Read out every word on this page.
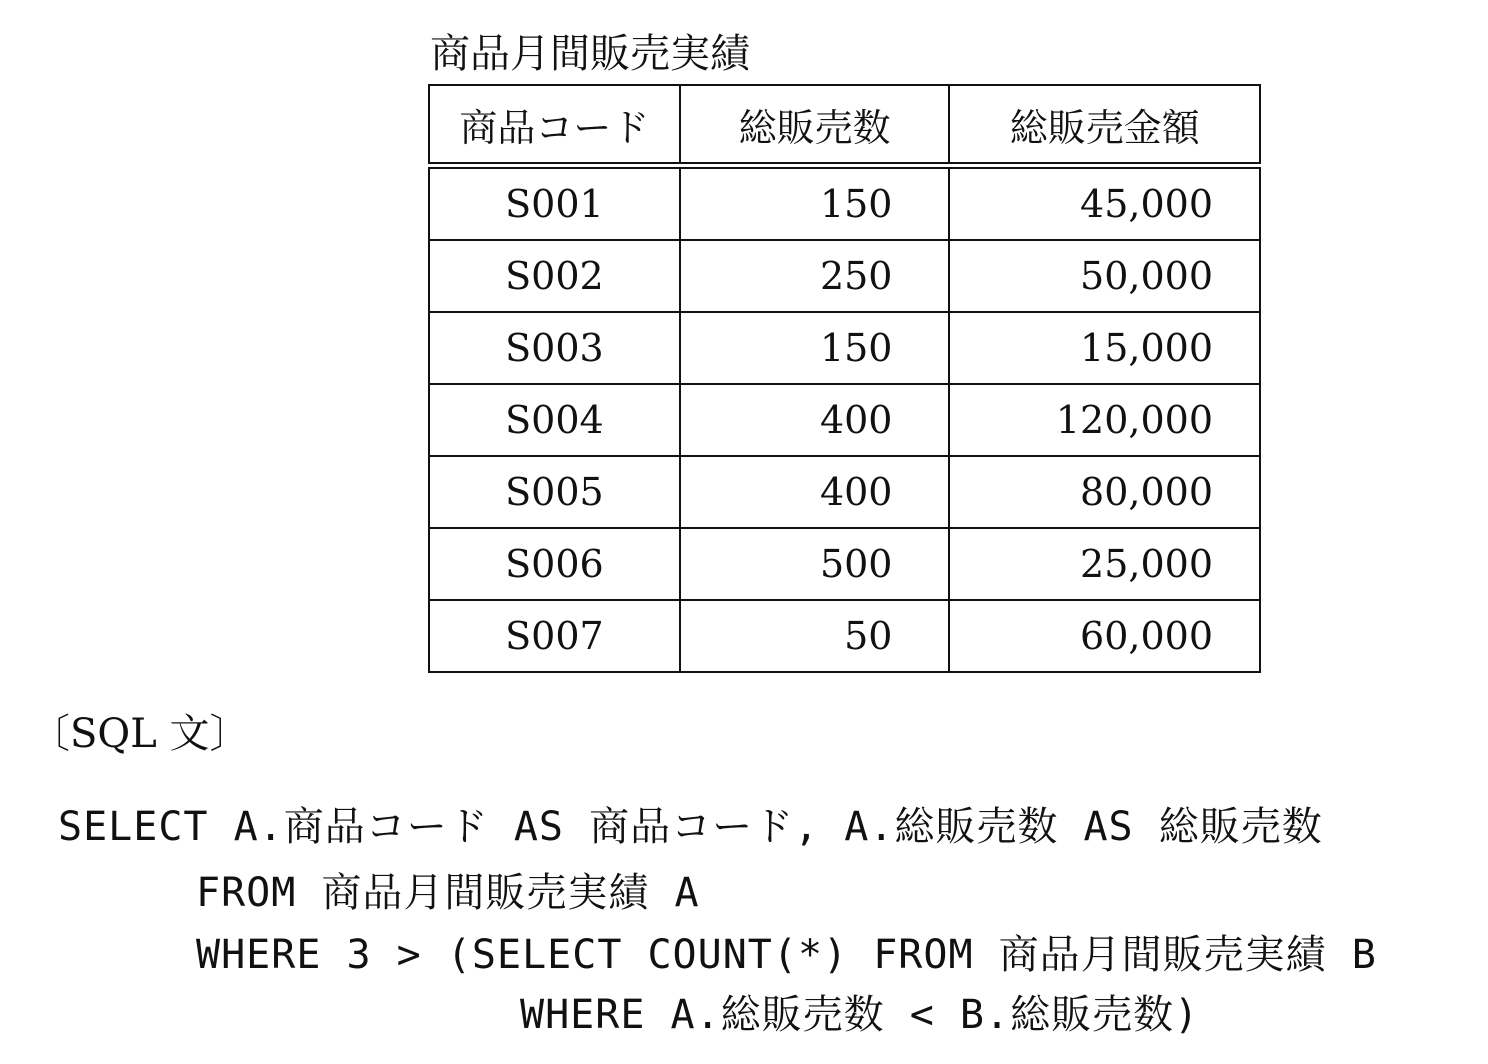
商品月間販売実績
商品コード	総販売数	総販売金額
S001	150	45,000
S002	250	50,000
S003	150	15,000
S004	400	120,000
S005	400	80,000
S006	500	25,000
S007	50	60,000
〔SQL 文〕
SELECT A.商品コード AS 商品コード, A.総販売数 AS 総販売数
FROM 商品月間販売実績 A
WHERE 3 > (SELECT COUNT(*) FROM 商品月間販売実績 B
WHERE A.総販売数 < B.総販売数)
